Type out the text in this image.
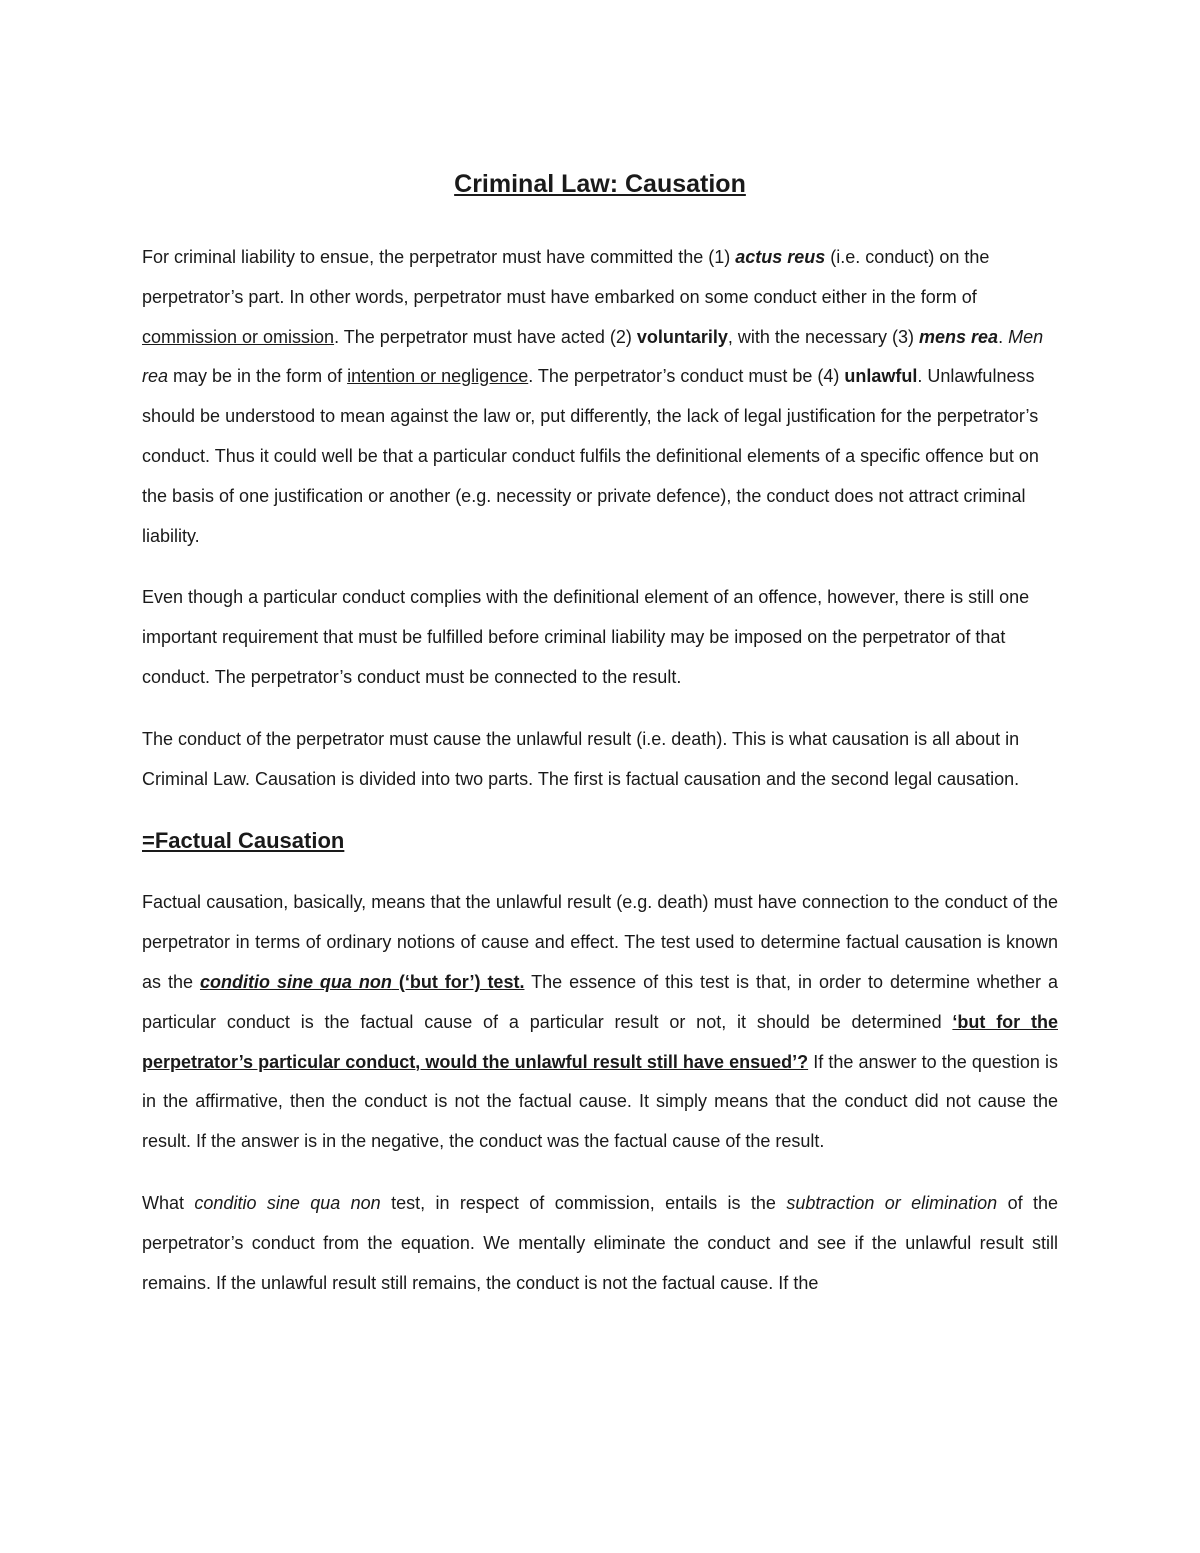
Criminal Law: Causation

For criminal liability to ensue, the perpetrator must have committed the (1) actus reus (i.e. conduct) on the perpetrator’s part. In other words, perpetrator must have embarked on some conduct either in the form of commission or omission. The perpetrator must have acted (2) voluntarily, with the necessary (3) mens rea. Men rea may be in the form of intention or negligence. The perpetrator’s conduct must be (4) unlawful. Unlawfulness should be understood to mean against the law or, put differently, the lack of legal justification for the perpetrator’s conduct. Thus it could well be that a particular conduct fulfils the definitional elements of a specific offence but on the basis of one justification or another (e.g. necessity or private defence), the conduct does not attract criminal liability.

Even though a particular conduct complies with the definitional element of an offence, however, there is still one important requirement that must be fulfilled before criminal liability may be imposed on the perpetrator of that conduct. The perpetrator’s conduct must be connected to the result.

The conduct of the perpetrator must cause the unlawful result (i.e. death). This is what causation is all about in Criminal Law. Causation is divided into two parts. The first is factual causation and the second legal causation.

=Factual Causation

Factual causation, basically, means that the unlawful result (e.g. death) must have connection to the conduct of the perpetrator in terms of ordinary notions of cause and effect. The test used to determine factual causation is known as the conditio sine qua non (‘but for’) test. The essence of this test is that, in order to determine whether a particular conduct is the factual cause of a particular result or not, it should be determined ‘but for the perpetrator’s particular conduct, would the unlawful result still have ensued’? If the answer to the question is in the affirmative, then the conduct is not the factual cause. It simply means that the conduct did not cause the result. If the answer is in the negative, the conduct was the factual cause of the result.

What conditio sine qua non test, in respect of commission, entails is the subtraction or elimination of the perpetrator’s conduct from the equation. We mentally eliminate the conduct and see if the unlawful result still remains. If the unlawful result still remains, the conduct is not the factual cause. If the
